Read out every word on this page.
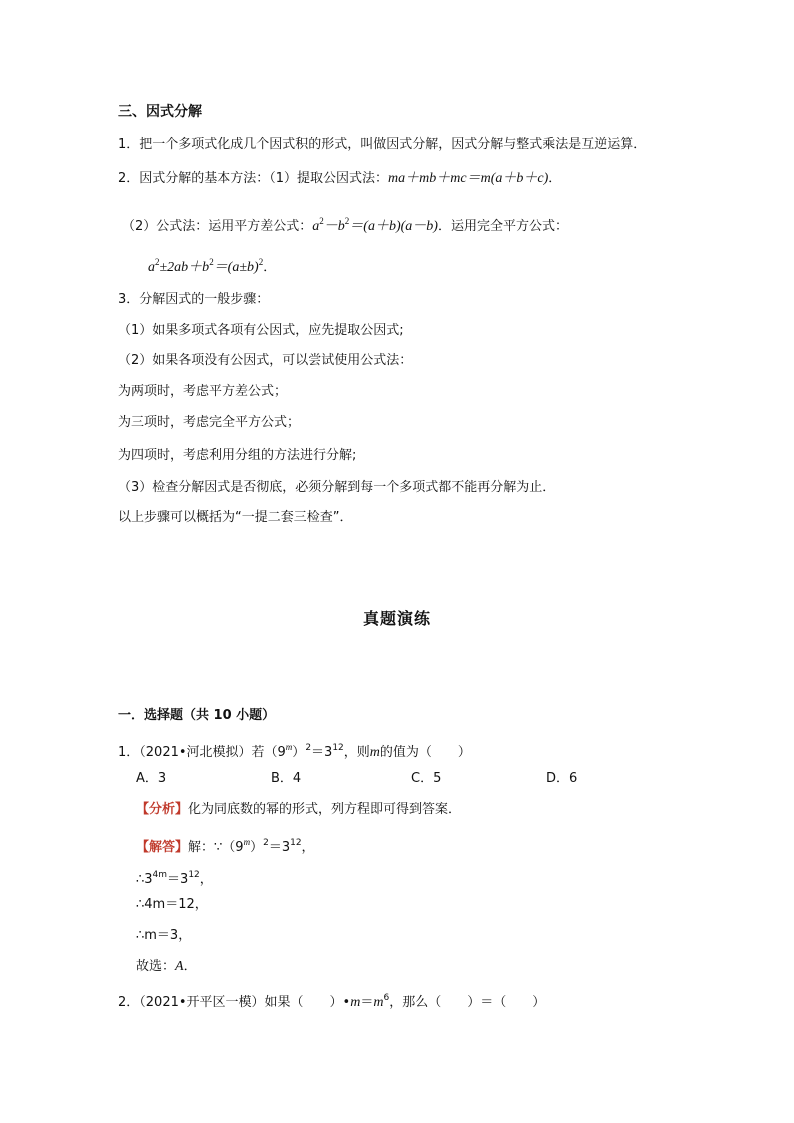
三、因式分解
1．把一个多项式化成几个因式积的形式，叫做因式分解，因式分解与整式乘法是互逆运算．
2．因式分解的基本方法：（1）提取公因式法：ma＋mb＋mc＝m(a＋b＋c)．
（2）公式法：运用平方差公式：$a^2-b^2=(a+b)(a-b)$．运用完全平方公式：
$a^2\pm 2ab+b^2=(a\pm b)^2$．
3．分解因式的一般步骤：
（1）如果多项式各项有公因式，应先提取公因式;
（2）如果各项没有公因式，可以尝试使用公式法：
为两项时，考虑平方差公式；
为三项时，考虑完全平方公式；
为四项时，考虑利用分组的方法进行分解;
（3）检查分解因式是否彻底，必须分解到每一个多项式都不能再分解为止．
以上步骤可以概括为“一提二套三检查”．
真题演练
一．选择题（共 10 小题）
1．（2021•河北模拟）若$(9^m)^2=3^{12}$，则m的值为（　　）
A．3	B．4	C．5	D．6
【分析】化为同底数的幂的形式，列方程即可得到答案．
【解答】解：$\because(9^m)^2=3^{12}$，
$\therefore 3^{4m}=3^{12}$，
∴4m＝12，
∴m＝3，
故选：A．
2．（2021•开平区一模）如果（　　）$•m=m^6$，那么（　　）＝（　　）
